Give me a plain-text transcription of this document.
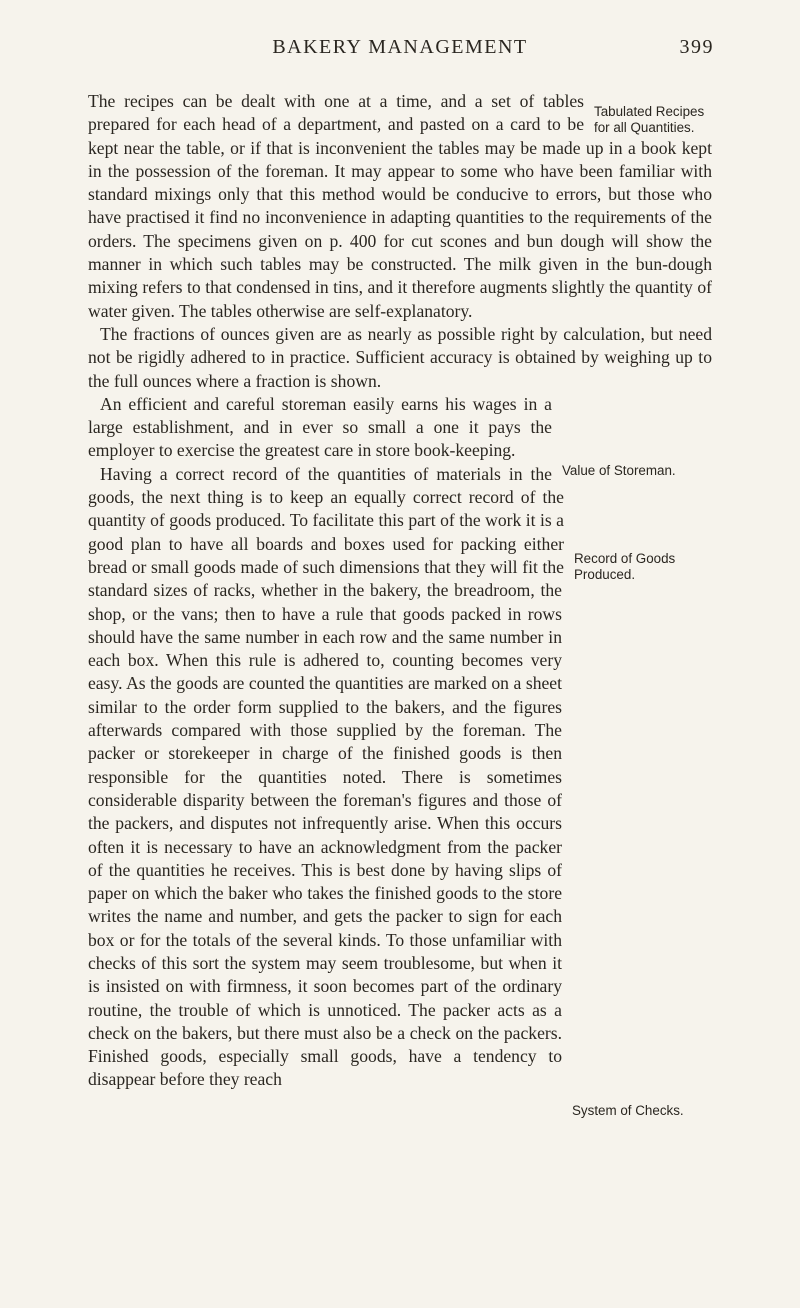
BAKERY MANAGEMENT	399
Tabulated Recipes for all Quantities.

The recipes can be dealt with one at a time, and a set of tables prepared for each head of a department, and pasted on a card to be kept near the table, or if that is inconvenient the tables may be made up in a book kept in the possession of the foreman. It may appear to some who have been familiar with standard mixings only that this method would be conducive to errors, but those who have practised it find no inconvenience in adapting quantities to the requirements of the orders. The specimens given on p. 400 for cut scones and bun dough will show the manner in which such tables may be constructed. The milk given in the bun-dough mixing refers to that condensed in tins, and it therefore augments slightly the quantity of water given. The tables otherwise are self-explanatory.

The fractions of ounces given are as nearly as possible right by calculation, but need not be rigidly adhered to in practice. Sufficient accuracy is obtained by weighing up to the full ounces where a fraction is shown.

Value of Storeman.

An efficient and careful storeman easily earns his wages in a large establishment, and in ever so small a one it pays the employer to exercise the greatest care in store book-keeping.

Record of Goods Produced.
System of Checks.

Having a correct record of the quantities of materials in the goods, the next thing is to keep an equally correct record of the quantity of goods produced. To facilitate this part of the work it is a good plan to have all boards and boxes used for packing either bread or small goods made of such dimensions that they will fit the standard sizes of racks, whether in the bakery, the breadroom, the shop, or the vans; then to have a rule that goods packed in rows should have the same number in each row and the same number in each box. When this rule is adhered to, counting becomes very easy. As the goods are counted the quantities are marked on a sheet similar to the order form supplied to the bakers, and the figures afterwards compared with those supplied by the foreman. The packer or storekeeper in charge of the finished goods is then responsible for the quantities noted. There is sometimes considerable disparity between the foreman's figures and those of the packers, and disputes not infrequently arise. When this occurs often it is necessary to have an acknowledgment from the packer of the quantities he receives. This is best done by having slips of paper on which the baker who takes the finished goods to the store writes the name and number, and gets the packer to sign for each box or for the totals of the several kinds. To those unfamiliar with checks of this sort the system may seem troublesome, but when it is insisted on with firmness, it soon becomes part of the ordinary routine, the trouble of which is unnoticed. The packer acts as a check on the bakers, but there must also be a check on the packers. Finished goods, especially small goods, have a tendency to disappear before they reach
